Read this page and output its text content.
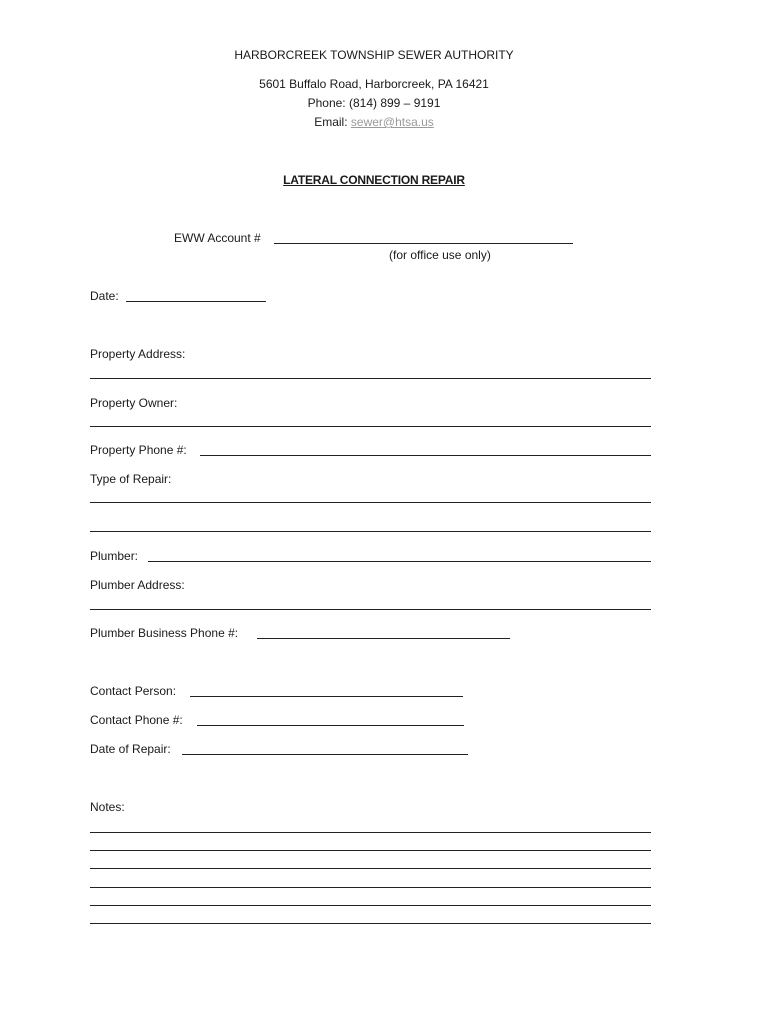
HARBORCREEK TOWNSHIP SEWER AUTHORITY
5601 Buffalo Road, Harborcreek, PA 16421
Phone: (814) 899 – 9191
Email: sewer@htsa.us
LATERAL CONNECTION REPAIR
EWW Account #
(for office use only)
Date:
Property Address:
Property Owner:
Property Phone #:
Type of Repair:
Plumber:
Plumber Address:
Plumber Business Phone #:
Contact Person:
Contact Phone #:
Date of Repair:
Notes:
